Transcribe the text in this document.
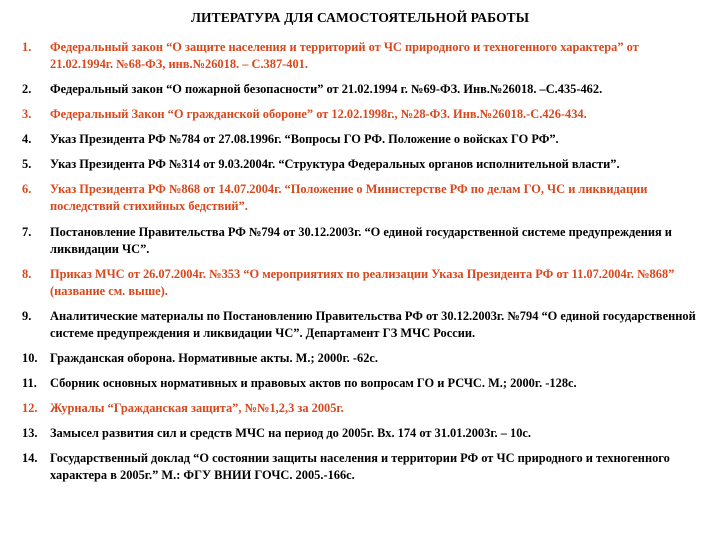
ЛИТЕРАТУРА ДЛЯ САМОСТОЯТЕЛЬНОЙ РАБОТЫ
1.	Федеральный закон “О защите населения и территорий от ЧС природного и техногенного характера” от 21.02.1994г. №68-ФЗ, инв.№26018. – С.387-401.
2.	Федеральный закон “О пожарной безопасности” от 21.02.1994 г. №69-ФЗ. Инв.№26018. –С.435-462.
3.	Федеральный Закон “О гражданской обороне” от 12.02.1998г., №28-ФЗ. Инв.№26018.-С.426-434.
4.	Указ Президента РФ №784 от 27.08.1996г. “Вопросы ГО РФ. Положение о войсках ГО РФ”.
5.	Указ Президента РФ №314 от 9.03.2004г. “Структура Федеральных органов исполнительной власти”.
6.	Указ Президента РФ №868 от 14.07.2004г. “Положение о Министерстве РФ по делам ГО, ЧС и ликвидации последствий стихийных бедствий”.
7.	Постановление Правительства РФ №794 от 30.12.2003г. “О единой государственной системе предупреждения и ликвидации ЧС”.
8.	Приказ МЧС от 26.07.2004г. №353 “О мероприятиях по реализации Указа Президента РФ от 11.07.2004г. №868” (название см. выше).
9.	Аналитические материалы по Постановлению Правительства РФ от 30.12.2003г. №794 “О единой государственной системе предупреждения и ликвидации ЧС”. Департамент ГЗ МЧС России.
10.	Гражданская оборона. Нормативные акты. М.; 2000г. -62с.
11.	Сборник основных нормативных и правовых актов по вопросам ГО и РСЧС. М.; 2000г. -128с.
12.	Журналы “Гражданская защита”, №№1,2,3 за 2005г.
13.	Замысел развития сил и средств МЧС на период до 2005г. Вх. 174 от 31.01.2003г. – 10с.
14.	Государственный доклад “О состоянии защиты населения и территории РФ от ЧС природного и техногенного характера в 2005г.” М.: ФГУ ВНИИ ГОЧС. 2005.-166с.
